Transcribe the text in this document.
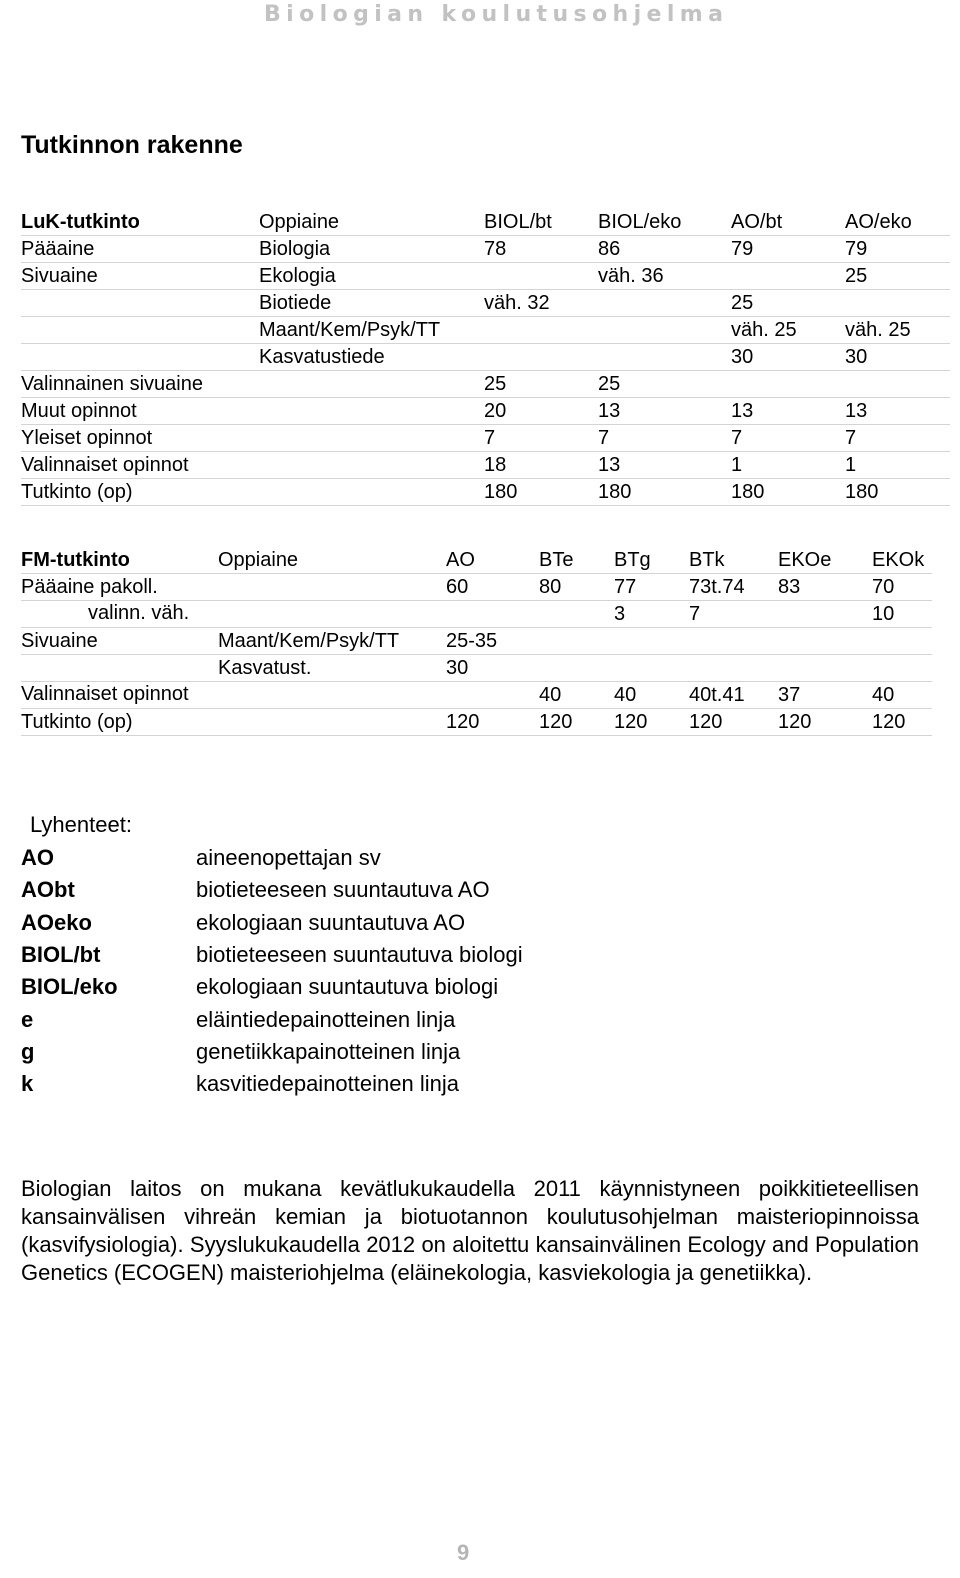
Biologian koulutusohjelma
Tutkinnon rakenne
LuK-tutkinto	Oppiaine	BIOL/bt	BIOL/eko	AO/bt	AO/eko
Pääaine	Biologia	78	86	79	79
Sivuaine	Ekologia		väh. 36		25
	Biotiede	väh. 32		25	
	Maant/Kem/Psyk/TT			väh. 25	väh. 25
	Kasvatustiede			30	30
Valinnainen sivuaine		25	25		
Muut opinnot		20	13	13	13
Yleiset opinnot		7	7	7	7
Valinnaiset opinnot		18	13	1	1
Tutkinto (op)		180	180	180	180
FM-tutkinto	Oppiaine	AO	BTe	BTg	BTk	EKOe	EKOk
Pääaine pakoll.		60	80	77	73t.74	83	70
valinn. väh.				3	7		10
Sivuaine	Maant/Kem/Psyk/TT	25-35					
	Kasvatust.	30					
Valinnaiset opinnot			40	40	40t.41	37	40
Tutkinto (op)		120	120	120	120	120	120
Lyhenteet:
AO	aineenopettajan sv
AObt	biotieteeseen suuntautuva AO
AOeko	ekologiaan suuntautuva AO
BIOL/bt	biotieteeseen suuntautuva biologi
BIOL/eko	ekologiaan suuntautuva biologi
e	eläintiedepainotteinen linja
g	genetiikkapainotteinen linja
k	kasvitiedepainotteinen linja
Biologian laitos on mukana kevätlukukaudella 2011 käynnistyneen poikkitieteellisen kansainvälisen vihreän kemian ja biotuotannon koulutusohjelman maisteriopinnoissa (kasvifysiologia). Syyslukukaudella 2012 on aloitettu kansainvälinen Ecology and Population Genetics (ECOGEN) maisteriohjelma (eläinekologia, kasviekologia ja genetiikka).
9
